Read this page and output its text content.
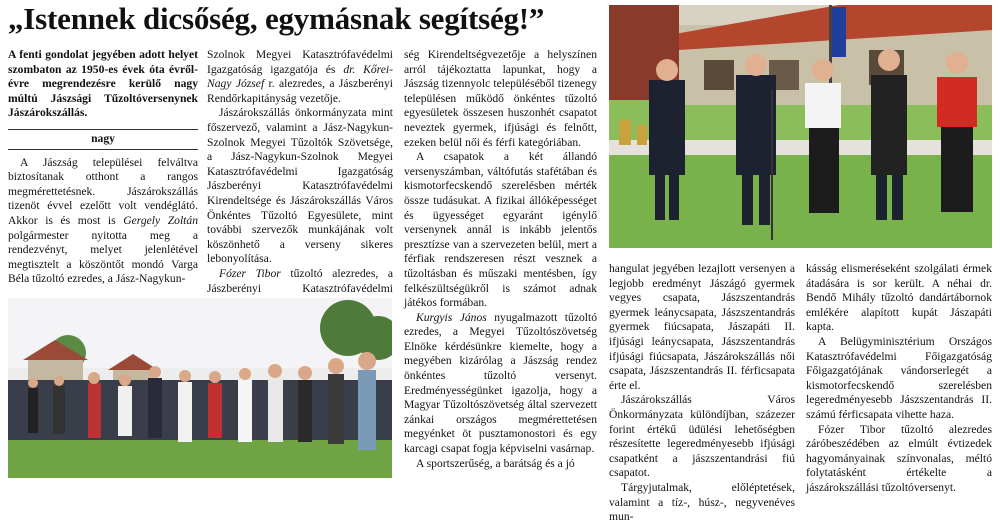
„Istennek dicsőség, egymásnak segítség!”

A fenti gondolat jegyében adott helyet szombaton az 1950-es évek óta évről-évre megrendezésre kerülő nagy múltú Jászsági Tűzoltóversenynek Jászárokszállás.

nagy

A Jászság települései felváltva biztosítanak otthont a rangos megmérettetésnek. Jászárokszállás tizenöt évvel ezelőtt volt vendéglátó. Akkor is és most is Gergely Zoltán polgármester nyitotta meg a rendezvényt, melyet jelenlétével megtisztelt a köszöntőt mondó Varga Béla tűzoltó ezredes, a Jász-Nagykun-

Szolnok Megyei Katasztrófavédelmi Igazgatóság igazgatója és dr. Kőrei-Nagy József r. alezredes, a Jászberényi Rendőrkapitányság vezetője.

Jászárokszállás önkormányzata mint főszervező, valamint a Jász-Nagykun-Szolnok Megyei Tűzoltók Szövetsége, a Jász-Nagykun-Szolnok Megyei Katasztrófavédelmi Igazgatóság Jászberényi Katasztrófavédelmi Kirendeltsége és Jászárokszállás Város Önkéntes Tűzoltó Egyesülete, mint további szervezők munkájának volt köszönhető a verseny sikeres lebonyolítása.

Fózer Tibor tűzoltó alezredes, a Jászberényi Katasztrófavédelmi

ség Kirendeltségvezetője a helyszínen arról tájékoztatta lapunkat, hogy a Jászság tizennyolc településéből tizenegy településen működő önkéntes tűzoltó egyesületek összesen huszonhét csapatot neveztek gyermek, ifjúsági és felnőtt, ezeken belül női és férfi kategóriában.

A csapatok a két állandó versenyszámban, váltófutás stafétában és kismotorfecskendő szerelésben mérték össze tudásukat. A fizikai állóképességet és ügyességet egyaránt igénylő versenynek annál is inkább jelentős presztízse van a szervezeten belül, mert a férfiak rendszeresen részt vesznek a tűzoltásban és műszaki mentésben, így felkészültségükről is számot adnak játékos formában.

Kurgyis János nyugalmazott tűzoltó ezredes, a Megyei Tűzoltószövetség Elnöke kérdésünkre kiemelte, hogy a megyében kizárólag a Jászság rendez önkéntes tűzoltó versenyt. Eredményességünket igazolja, hogy a Magyar Tűzoltószövetség által szervezett zánkai országos megmérettetésen megyénket öt pusztamonostori és egy karcagi csapat fogja képviselni vasárnap.

A sportszerűség, a barátság és a jó

hangulat jegyében lezajlott versenyen a legjobb eredményt Jászágó gyermek vegyes csapata, Jászszentandrás gyermek leánycsapata, Jászszentandrás gyermek fiúcsapata, Jászapáti II. ifjúsági leánycsapata, Jászszentandrás ifjúsági fiúcsapata, Jászárokszállás női csapata, Jászszentandrás II. férficsapata érte el.

Jászárokszállás Város Önkormányzata különdíjban, százezer forint értékű üdülési lehetőségben részesítette legeredményesebb ifjúsági csapatként a jászszentandrási fiú csapatot.

Tárgyjutalmak, előléptetések, valamint a tíz-, húsz-, negyvenéves mun-

kásság elismeréseként szolgálati érmek átadására is sor került. A néhai dr. Bendő Mihály tűzoltó dandártábornok emlékére alapított kupát Jászapáti kapta.

A Belügyminisztérium Országos Katasztrófavédelmi Főigazgatóság Főigazgatójának vándorserlegét a kismotorfecskendő szerelésben legeredményesebb Jászszentandrás II. számú férficsapata vihette haza.

Fózer Tibor tűzoltó alezredes záróbeszédében az elmúlt évtizedek hagyományainak színvonalas, méltó folytatásként értékelte a jászárokszállási tűzoltóversenyt.
